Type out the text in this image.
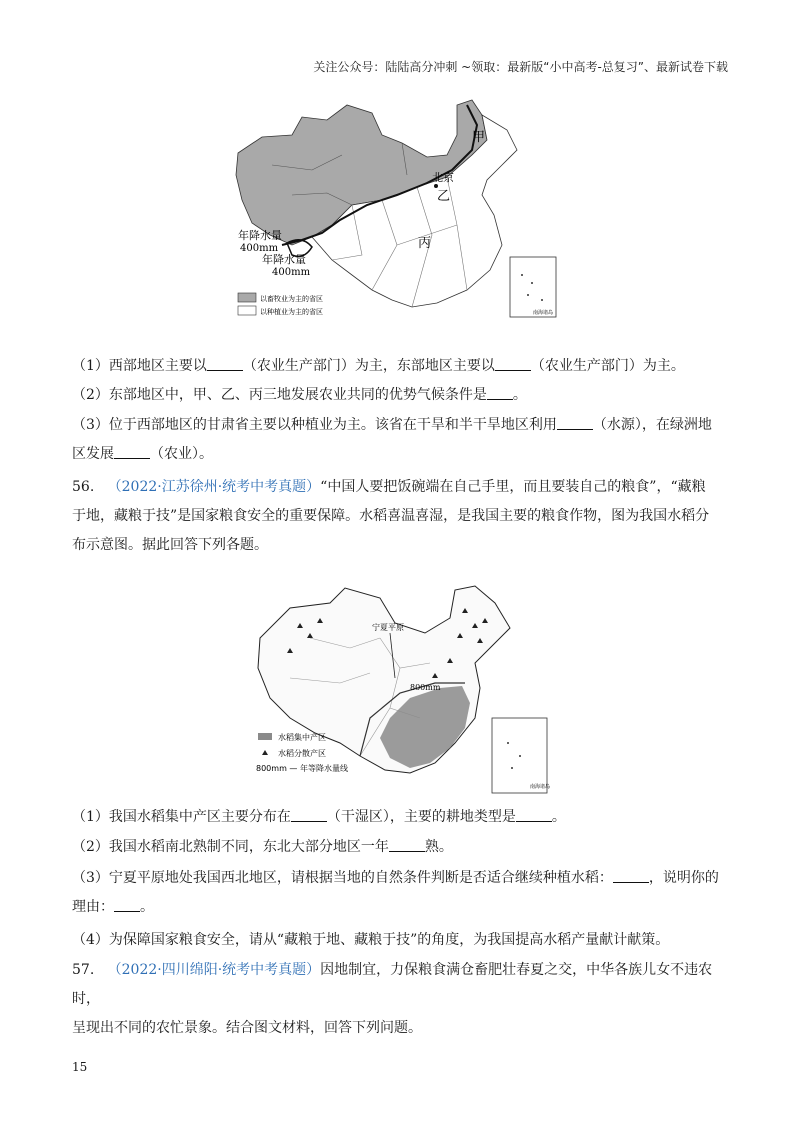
关注公众号：陆陆高分冲刺 ~领取：最新版“小中高考-总复习”、最新试卷下载
甲
北京
乙
丙
年降水量
400mm
年降水量
400mm
南海诸岛
以畜牧业为主的省区
以种植业为主的省区
（1）西部地区主要以	（农业生产部门）为主，东部地区主要以	（农业生产部门）为主。
（2）东部地区中，甲、乙、丙三地发展农业共同的优势气候条件是 。
（3）位于西部地区的甘肃省主要以种植业为主。该省在干旱和半干旱地区利用	（水源），在绿洲地
区发展	（农业）。
56. （2022·江苏徐州·统考中考真题）“中国人要把饭碗端在自己手里，而且要装自己的粮食”，“藏粮
于地，藏粮于技”是国家粮食安全的重要保障。水稻喜温喜湿，是我国主要的粮食作物，图为我国水稻分
布示意图。据此回答下列各题。
800mm
宁夏平原
南海诸岛
水稻集中产区
水稻分散产区
800mm — 年等降水量线
（1）我国水稻集中产区主要分布在	（干湿区），主要的耕地类型是	。
（2）我国水稻南北熟制不同，东北大部分地区一年	熟。
（3）宁夏平原地处我国西北地区，请根据当地的自然条件判断是否适合继续种植水稻：	，说明你的
理由： 。
（4）为保障国家粮食安全，请从“藏粮于地、藏粮于技”的角度，为我国提高水稻产量献计献策。
57. （2022·四川绵阳·统考中考真题）因地制宜，力保粮食满仓畜肥壮春夏之交，中华各族儿女不违农时，
呈现出不同的农忙景象。结合图文材料，回答下列问题。
15
